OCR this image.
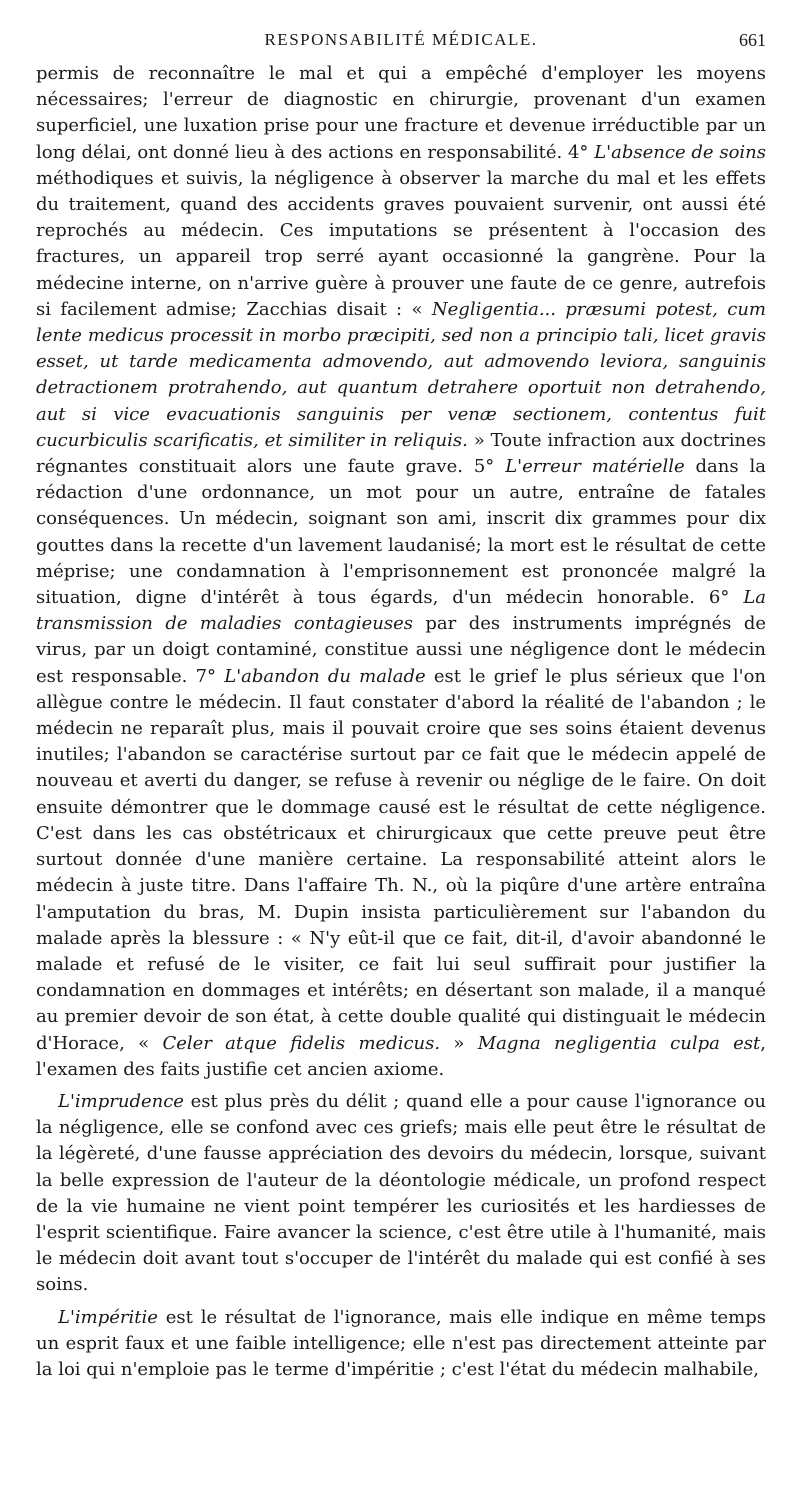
RESPONSABILITÉ MÉDICALE.	661

permis de reconnaître le mal et qui a empêché d'employer les moyens nécessaires; l'erreur de diagnostic en chirurgie, provenant d'un examen superficiel, une luxation prise pour une fracture et devenue irréductible par un long délai, ont donné lieu à des actions en responsabilité. 4° L'absence de soins méthodiques et suivis, la négligence à observer la marche du mal et les effets du traitement, quand des accidents graves pouvaient survenir, ont aussi été reprochés au médecin. Ces imputations se présentent à l'occasion des fractures, un appareil trop serré ayant occasionné la gangrène. Pour la médecine interne, on n'arrive guère à prouver une faute de ce genre, autrefois si facilement admise; Zacchias disait : « Negligentia... præsumi potest, cum lente medicus processit in morbo præcipiti, sed non a principio tali, licet gravis esset, ut tarde medicamenta admovendo, aut admovendo leviora, sanguinis detractionem protrahendo, aut quantum detrahere oportuit non detrahendo, aut si vice evacuationis sanguinis per venæ sectionem, contentus fuit cucurbiculis scarificatis, et similiter in reliquis. » Toute infraction aux doctrines régnantes constituait alors une faute grave. 5° L'erreur matérielle dans la rédaction d'une ordonnance, un mot pour un autre, entraîne de fatales conséquences. Un médecin, soignant son ami, inscrit dix grammes pour dix gouttes dans la recette d'un lavement laudanisé; la mort est le résultat de cette méprise; une condamnation à l'emprisonnement est prononcée malgré la situation, digne d'intérêt à tous égards, d'un médecin honorable. 6° La transmission de maladies contagieuses par des instruments imprégnés de virus, par un doigt contaminé, constitue aussi une négligence dont le médecin est responsable. 7° L'abandon du malade est le grief le plus sérieux que l'on allègue contre le médecin. Il faut constater d'abord la réalité de l'abandon ; le médecin ne reparaît plus, mais il pouvait croire que ses soins étaient devenus inutiles; l'abandon se caractérise surtout par ce fait que le médecin appelé de nouveau et averti du danger, se refuse à revenir ou néglige de le faire. On doit ensuite démontrer que le dommage causé est le résultat de cette négligence. C'est dans les cas obstétricaux et chirurgicaux que cette preuve peut être surtout donnée d'une manière certaine. La responsabilité atteint alors le médecin à juste titre. Dans l'affaire Th. N., où la piqûre d'une artère entraîna l'amputation du bras, M. Dupin insista particulièrement sur l'abandon du malade après la blessure : « N'y eût-il que ce fait, dit-il, d'avoir abandonné le malade et refusé de le visiter, ce fait lui seul suffirait pour justifier la condamnation en dommages et intérêts; en désertant son malade, il a manqué au premier devoir de son état, à cette double qualité qui distinguait le médecin d'Horace, « Celer atque fidelis medicus. » Magna negligentia culpa est, l'examen des faits justifie cet ancien axiome.

L'imprudence est plus près du délit ; quand elle a pour cause l'ignorance ou la négligence, elle se confond avec ces griefs; mais elle peut être le résultat de la légèreté, d'une fausse appréciation des devoirs du médecin, lorsque, suivant la belle expression de l'auteur de la déontologie médicale, un profond respect de la vie humaine ne vient point tempérer les curiosités et les hardiesses de l'esprit scientifique. Faire avancer la science, c'est être utile à l'humanité, mais le médecin doit avant tout s'occuper de l'intérêt du malade qui est confié à ses soins.

L'impéritie est le résultat de l'ignorance, mais elle indique en même temps un esprit faux et une faible intelligence; elle n'est pas directement atteinte par la loi qui n'emploie pas le terme d'impéritie ; c'est l'état du médecin malhabile,
